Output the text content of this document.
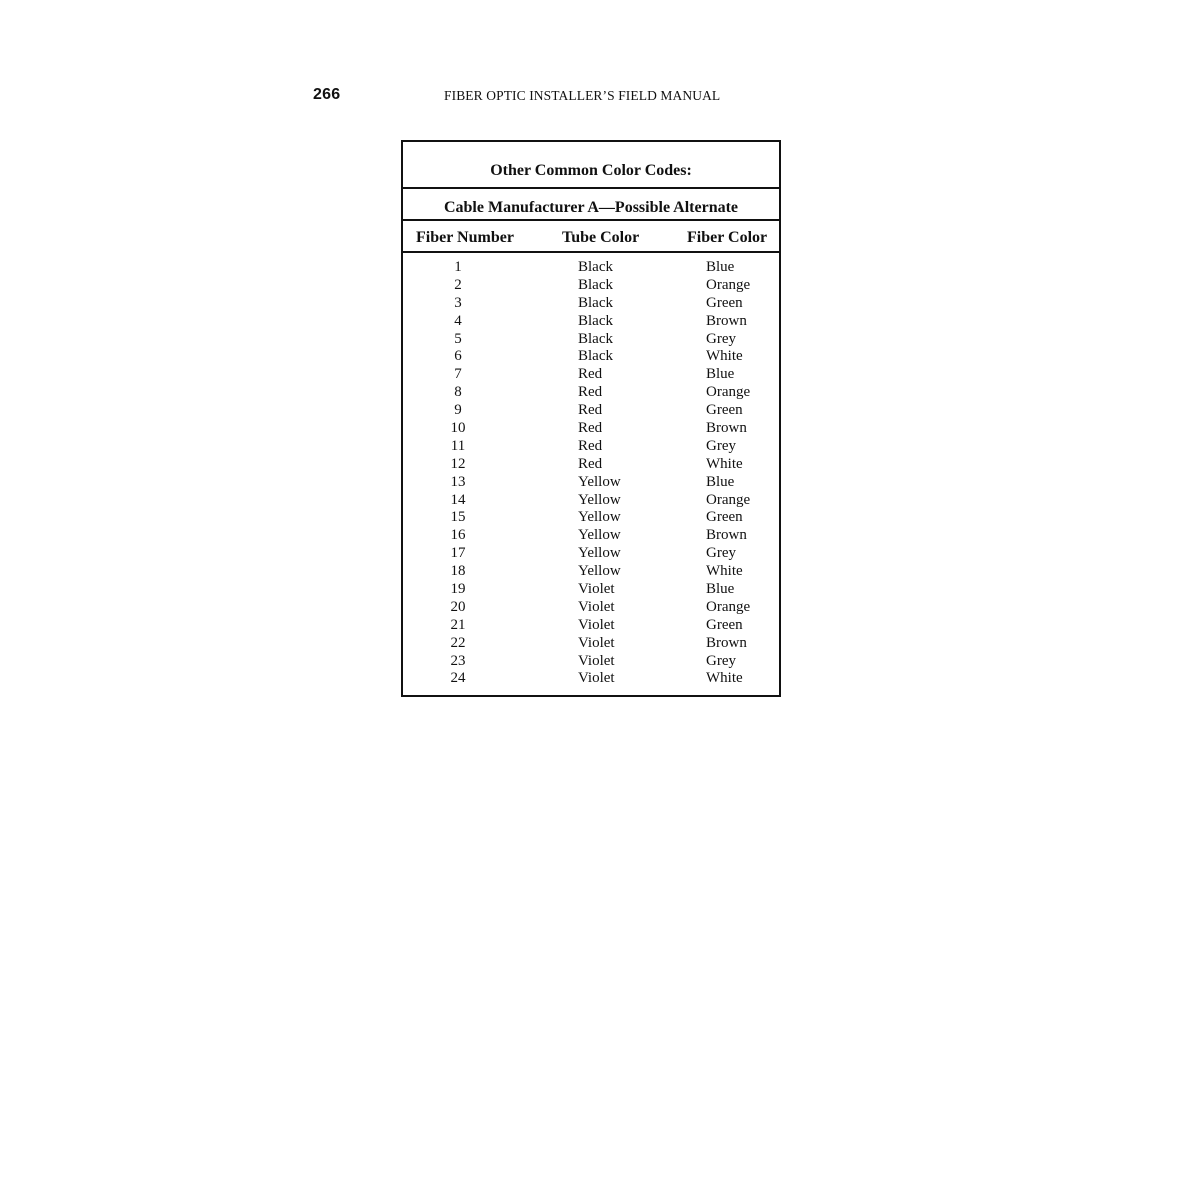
266	FIBER OPTIC INSTALLER’S FIELD MANUAL
Other Common Color Codes:
Cable Manufacturer A—Possible Alternate
Fiber Number	Tube Color	Fiber Color
1	Black	Blue
2	Black	Orange
3	Black	Green
4	Black	Brown
5	Black	Grey
6	Black	White
7	Red	Blue
8	Red	Orange
9	Red	Green
10	Red	Brown
11	Red	Grey
12	Red	White
13	Yellow	Blue
14	Yellow	Orange
15	Yellow	Green
16	Yellow	Brown
17	Yellow	Grey
18	Yellow	White
19	Violet	Blue
20	Violet	Orange
21	Violet	Green
22	Violet	Brown
23	Violet	Grey
24	Violet	White
